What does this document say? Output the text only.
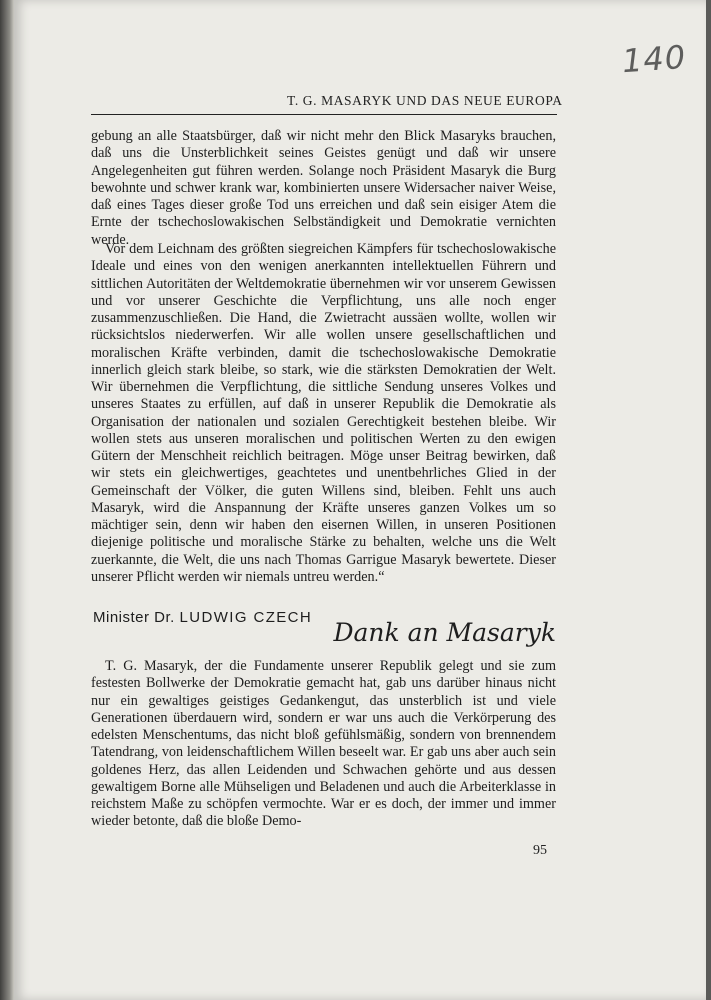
140
T. G. MASARYK UND DAS NEUE EUROPA

gebung an alle Staatsbürger, daß wir nicht mehr den Blick Masaryks brauchen, daß uns die Unsterblichkeit seines Geistes genügt und daß wir unsere Angelegenheiten gut führen werden. Solange noch Präsident Masaryk die Burg bewohnte und schwer krank war, kombinierten unsere Widersacher naiver Weise, daß eines Tages dieser große Tod uns erreichen und daß sein eisiger Atem die Ernte der tschechoslowakischen Selbständigkeit und Demokratie vernichten werde.

Vor dem Leichnam des größten siegreichen Kämpfers für tschechoslowakische Ideale und eines von den wenigen anerkannten intellektuellen Führern und sittlichen Autoritäten der Weltdemokratie übernehmen wir vor unserem Gewissen und vor unserer Geschichte die Verpflichtung, uns alle noch enger zusammenzuschließen. Die Hand, die Zwietracht aussäen wollte, wollen wir rücksichtslos niederwerfen. Wir alle wollen unsere gesellschaftlichen und moralischen Kräfte verbinden, damit die tschechoslowakische Demokratie innerlich gleich stark bleibe, so stark, wie die stärksten Demokratien der Welt. Wir übernehmen die Verpflichtung, die sittliche Sendung unseres Volkes und unseres Staates zu erfüllen, auf daß in unserer Republik die Demokratie als Organisation der nationalen und sozialen Gerechtigkeit bestehen bleibe. Wir wollen stets aus unseren moralischen und politischen Werten zu den ewigen Gütern der Menschheit reichlich beitragen. Möge unser Beitrag bewirken, daß wir stets ein gleichwertiges, geachtetes und unentbehrliches Glied in der Gemeinschaft der Völker, die guten Willens sind, bleiben. Fehlt uns auch Masaryk, wird die Anspannung der Kräfte unseres ganzen Volkes um so mächtiger sein, denn wir haben den eisernen Willen, in unseren Positionen diejenige politische und moralische Stärke zu behalten, welche uns die Welt zuerkannte, die Welt, die uns nach Thomas Garrigue Masaryk bewertete. Dieser unserer Pflicht werden wir niemals untreu werden.“

Minister Dr. LUDWIG CZECH
Dank an Masaryk

T. G. Masaryk, der die Fundamente unserer Republik gelegt und sie zum festesten Bollwerke der Demokratie gemacht hat, gab uns darüber hinaus nicht nur ein gewaltiges geistiges Gedankengut, das unsterblich ist und viele Generationen überdauern wird, sondern er war uns auch die Verkörperung des edelsten Menschentums, das nicht bloß gefühlsmäßig, sondern von brennendem Tatendrang, von leidenschaftlichem Willen beseelt war. Er gab uns aber auch sein goldenes Herz, das allen Leidenden und Schwachen gehörte und aus dessen gewaltigem Borne alle Mühseligen und Beladenen und auch die Arbeiterklasse in reichstem Maße zu schöpfen vermochte. War er es doch, der immer und immer wieder betonte, daß die bloße Demo-

95
